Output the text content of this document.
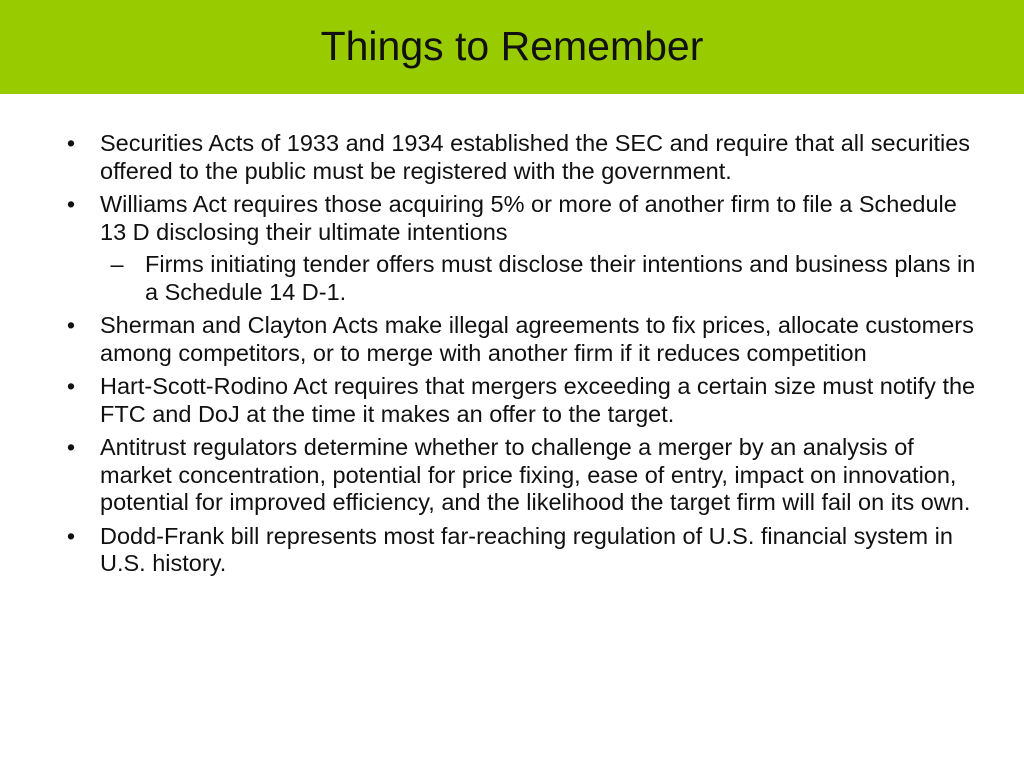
Things to Remember
•	Securities Acts of 1933 and 1934 established the SEC and require that all securities offered to the public must be registered with the government.
•	Williams Act requires those acquiring 5% or more of another firm to file a Schedule 13 D disclosing their ultimate intentions
– Firms initiating tender offers must disclose their intentions and business plans in a Schedule 14 D-1.
•	Sherman and Clayton Acts make illegal agreements to fix prices, allocate customers among competitors, or to merge with another firm if it reduces competition
•	Hart-Scott-Rodino Act requires that mergers exceeding a certain size must notify the FTC and DoJ at the time it makes an offer to the target.
•	Antitrust regulators determine whether to challenge a merger by an analysis of market concentration, potential for price fixing, ease of entry, impact on innovation, potential for improved efficiency, and the likelihood the target firm will fail on its own.
•	Dodd-Frank bill represents most far-reaching regulation of U.S. financial system in U.S. history.
